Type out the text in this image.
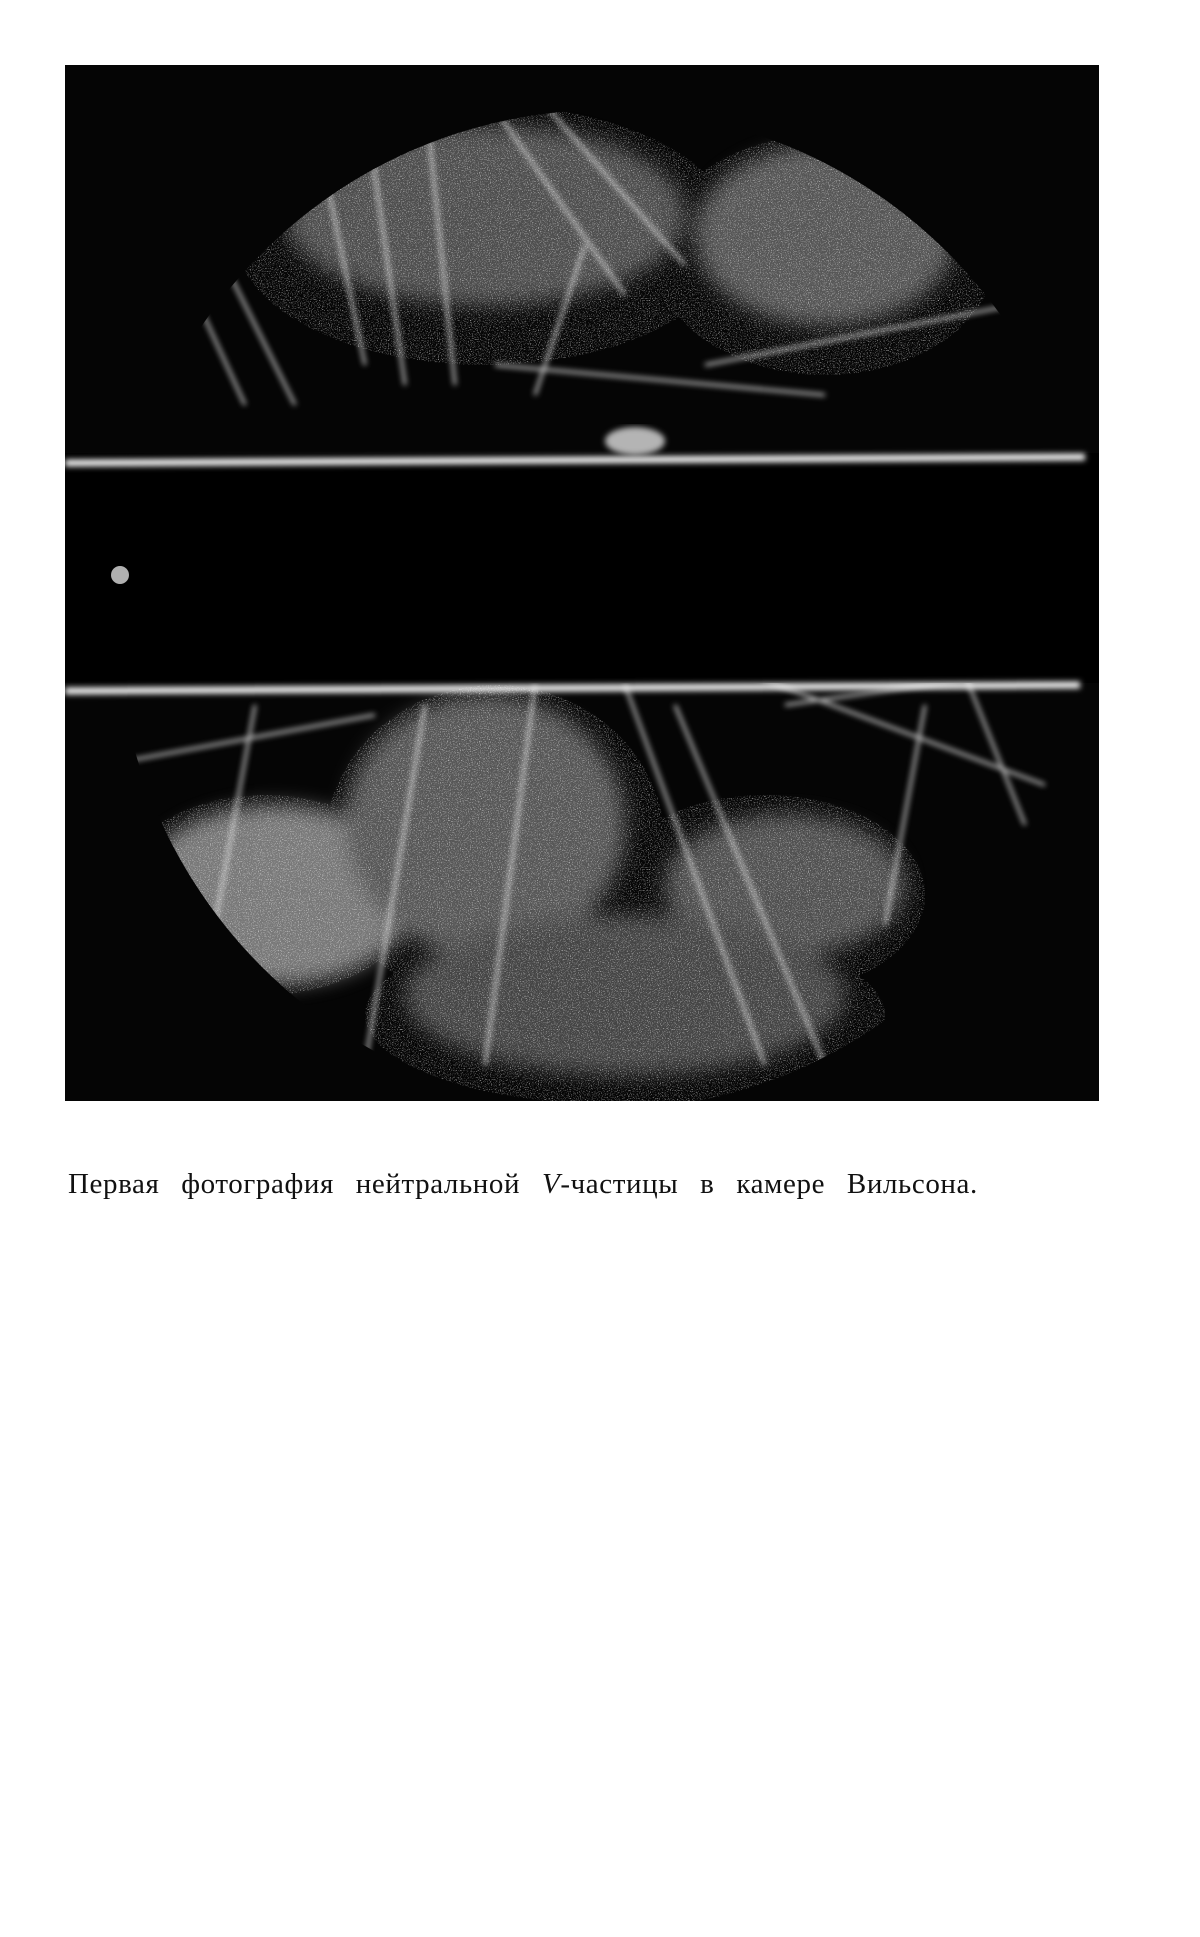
Первая фотография нейтральной V-частицы в камере Вильсона.
